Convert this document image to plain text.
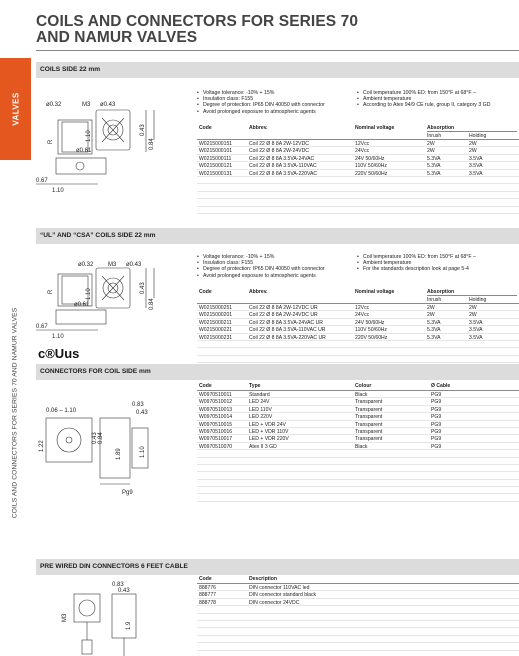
COILS AND CONNECTORS FOR SERIES 70
AND NAMUR VALVES
VALVES
COILS AND CONNECTORS FOR SERIES 70 AND NAMUR VALVES
COILS SIDE 22 mm
ø0.32	M3 ø0.43
1.10
0.84
0.43
ø0.61
0.67
1.10
R
• Voltage tolerance: -10% + 15%
• Insulation class: F155
• Degree of protection: IP65 DIN 40050 with connector
• Avoid prolonged exposure to atmospheric agents
• Coil temperature 100% ED: from 150°F at 68°F –
• Ambient temperature
• According to Atex 94/9 CE rule, group II, category 3 GD
Code	Abbrev.	Nominal voltage	Absorption
Inrush	Holding
W0215000151	Coil 22 Ø 8 8A 2W-12VDC	12Vcc	2W	2W
W0215000101	Coil 22 Ø 8 8A 2W-24VDC	24Vcc	2W	2W
W0215000111	Coil 22 Ø 8 8A 3.5VA-24VAC	24V 50/60Hz	5.3VA	3.5VA
W0215000121	Coil 22 Ø 8 8A 3.5VA-110VAC	110V 50/60Hz	5.3VA	3.5VA
W0215000131	Coil 22 Ø 8 8A 3.5VA-220VAC	220V 50/60Hz	5.3VA	3.5VA
“UL” AND “CSA” COILS SIDE 22 mm
ø0.32 M3 ø0.43
1.10
0.84
0.43
ø0.61
0.67
1.10
R
c®Uus
• Voltage tolerance: -10% + 15%
• Insulation class: F155
• Degree of protection: IP65 DIN 40050 with connector
• Avoid prolonged exposure to atmospheric agents
• Coil temperature 100% ED: from 150°F at 68°F –
• Ambient temperature
• For the standards description look at page 5-4
Code	Abbrev.	Nominal voltage	Absorption
Inrush	Holding
W0215000251	Coil 22 Ø 8 8A 2W-12VDC UR	12Vcc	2W	2W
W0215000201	Coil 22 Ø 8 8A 2W-24VDC UR	24Vcc	2W	2W
W0215000211	Coil 22 Ø 8 8A 3.5VA-24VAC UR	24V 50/60Hz	5.3VA	3.5VA
W0215000221	Coil 22 Ø 8 8A 3.5VA-110VAC UR	110V 50/60Hz	5.3VA	3.5VA
W0215000231	Coil 22 Ø 8 8A 3.5VA-220VAC UR	220V 50/60Hz	5.3VA	3.5VA
CONNECTORS FOR COIL SIDE mm
0.06 – 1.10
0.83
0.43
1.22
0.43 0.84
1.89	1.10
Pg9
Code	Type	Colour	Ø Cable
W0970510011	Standard	Black	PG9
W0970510012	LED 24V	Transparent	PG9
W0970510013	LED 110V	Transparent	PG9
W0970510014	LED 220V	Transparent	PG9
W0970510015	LED + VDR 24V	Transparent	PG9
W0970510016	LED + VDR 110V	Transparent	PG9
W0970510017	LED + VDR 220V	Transparent	PG9
W0970510070	Atex II 3 GD	Black	PG9
PRE WIRED DIN CONNECTORS 6 FEET CABLE
0.83
0.43
M3
1.9
Code	Description
888776	DIN connector 110VAC led
888777	DIN connector standard black
888778	DIN connector 24VDC
